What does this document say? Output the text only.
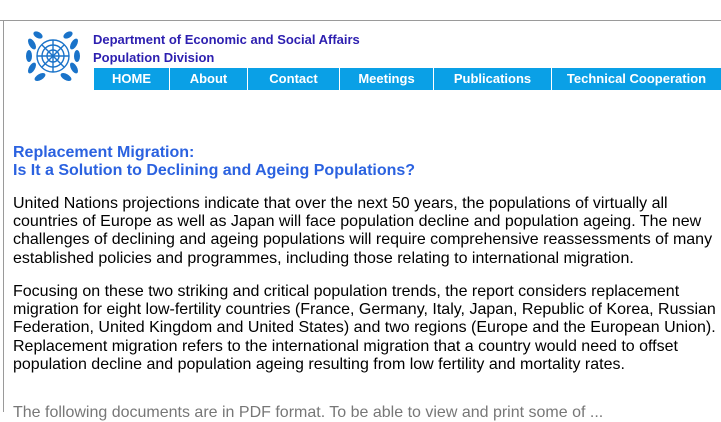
Department of Economic and Social Affairs
Population Division
HOME	About	Contact	Meetings	Publications	Technical Cooperation
Replacement Migration:
Is It a Solution to Declining and Ageing Populations?

United Nations projections indicate that over the next 50 years, the populations of virtually all countries of Europe as well as Japan will face population decline and population ageing. The new challenges of declining and ageing populations will require comprehensive reassessments of many established policies and programmes, including those relating to international migration.

Focusing on these two striking and critical population trends, the report considers replacement migration for eight low-fertility countries (France, Germany, Italy, Japan, Republic of Korea, Russian Federation, United Kingdom and United States) and two regions (Europe and the European Union). Replacement migration refers to the international migration that a country would need to offset population decline and population ageing resulting from low fertility and mortality rates.

The following documents are in PDF format. To be able to view and print some of ...
